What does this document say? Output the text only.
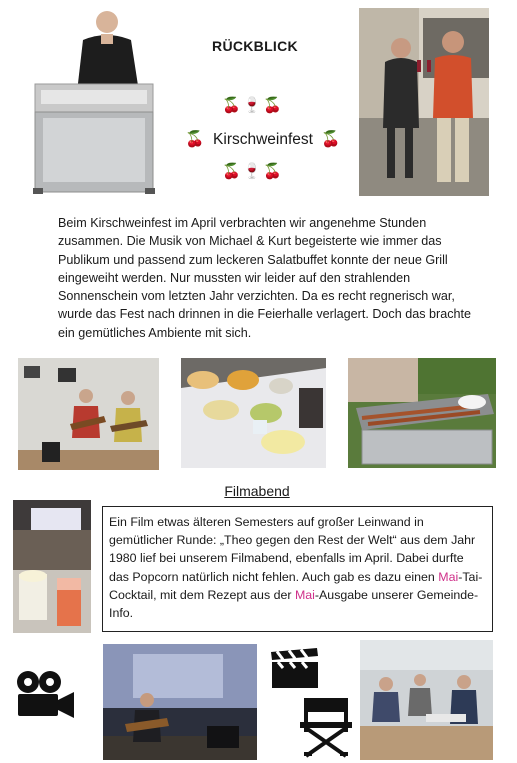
RÜCKBLICK
🍒🍷🍒
🍒 Kirschweinfest 🍒
🍒🍷🍒
Beim Kirschweinfest im April verbrachten wir angenehme Stunden zusammen. Die Musik von Michael & Kurt begeisterte wie immer das Publikum und passend zum leckeren Salatbuffet konnte der neue Grill eingeweiht werden. Nur mussten wir leider auf den strahlenden Sonnenschein vom letzten Jahr verzichten. Da es recht regnerisch war, wurde das Fest nach drinnen in die Feierhalle verlagert. Doch das brachte ein gemütliches Ambiente mit sich.
Filmabend
Ein Film etwas älteren Semesters auf großer Leinwand in gemütlicher Runde: „Theo gegen den Rest der Welt“ aus dem Jahr 1980 lief bei unserem Filmabend, ebenfalls im April. Dabei durfte das Popcorn natürlich nicht fehlen. Auch gab es dazu einen Mai-Tai-Cocktail, mit dem Rezept aus der Mai-Ausgabe unserer Gemeinde-Info.
